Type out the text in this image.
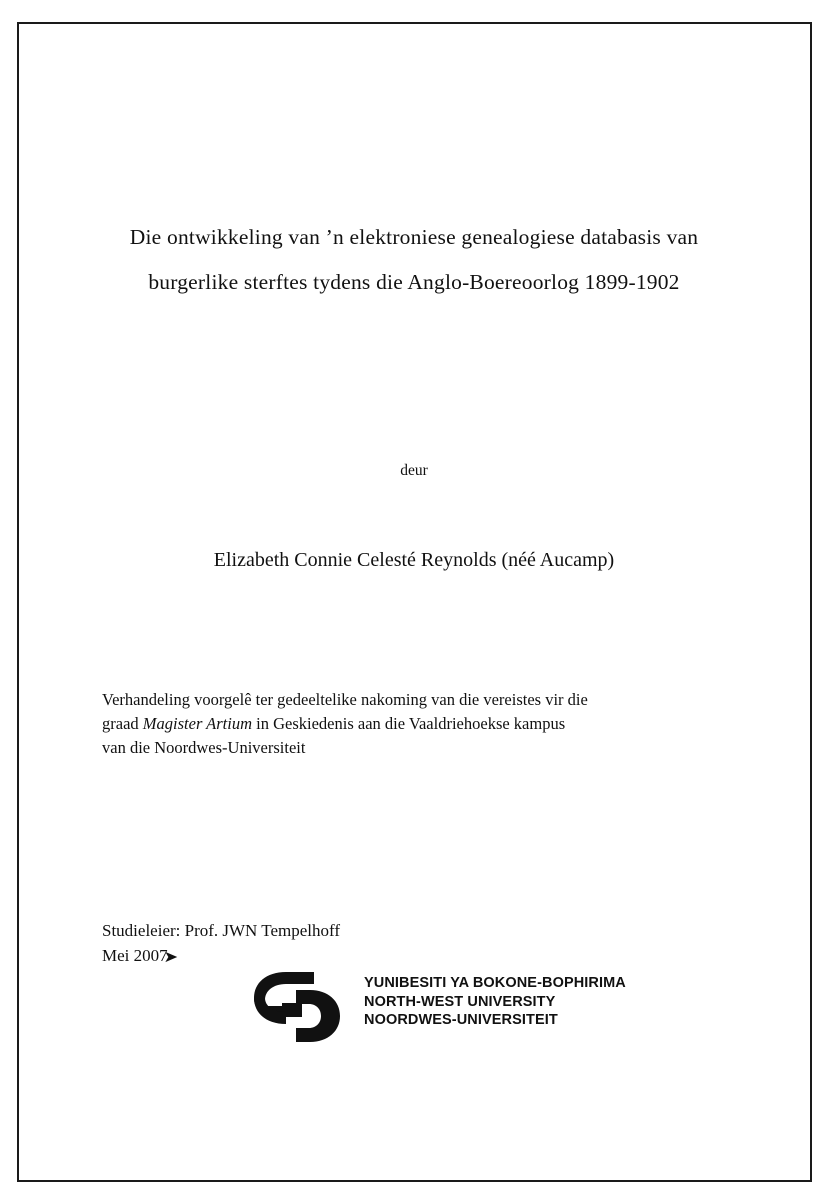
Die ontwikkeling van ’n elektroniese genealogiese databasis van
burgerlike sterftes tydens die Anglo-Boereoorlog 1899-1902
deur
Elizabeth Connie Celesté Reynolds (néé Aucamp)
Verhandeling voorgelê ter gedeeltelike nakoming van die vereistes vir die
graad Magister Artium in Geskiedenis aan die Vaaldriehoekse kampus
van die Noordwes-Universiteit
Studieleier: Prof. JWN Tempelhoff
Mei 2007
➤
YUNIBESITI YA BOKONE-BOPHIRIMA
NORTH-WEST UNIVERSITY
NOORDWES-UNIVERSITEIT
